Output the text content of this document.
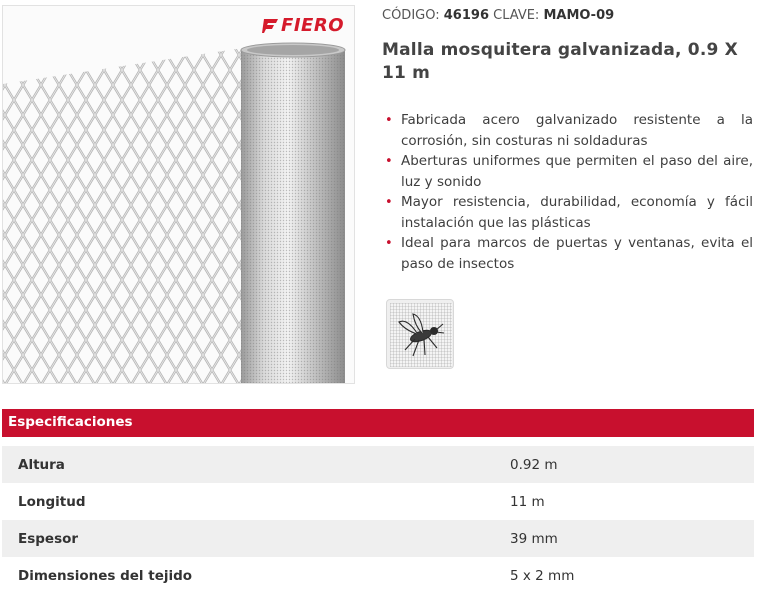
FIERO	CÓDIGO: 46196 CLAVE: MAMO-09
Malla mosquitera galvanizada, 0.9 X 11 m
• Fabricada acero galvanizado resistente a la corrosión, sin costuras ni soldaduras
• Aberturas uniformes que permiten el paso del aire, luz y sonido
• Mayor resistencia, durabilidad, economía y fácil instalación que las plásticas
• Ideal para marcos de puertas y ventanas, evita el paso de insectos
Especificaciones
Altura	0.92 m
Longitud	11 m
Espesor	39 mm
Dimensiones del tejido	5 x 2 mm
